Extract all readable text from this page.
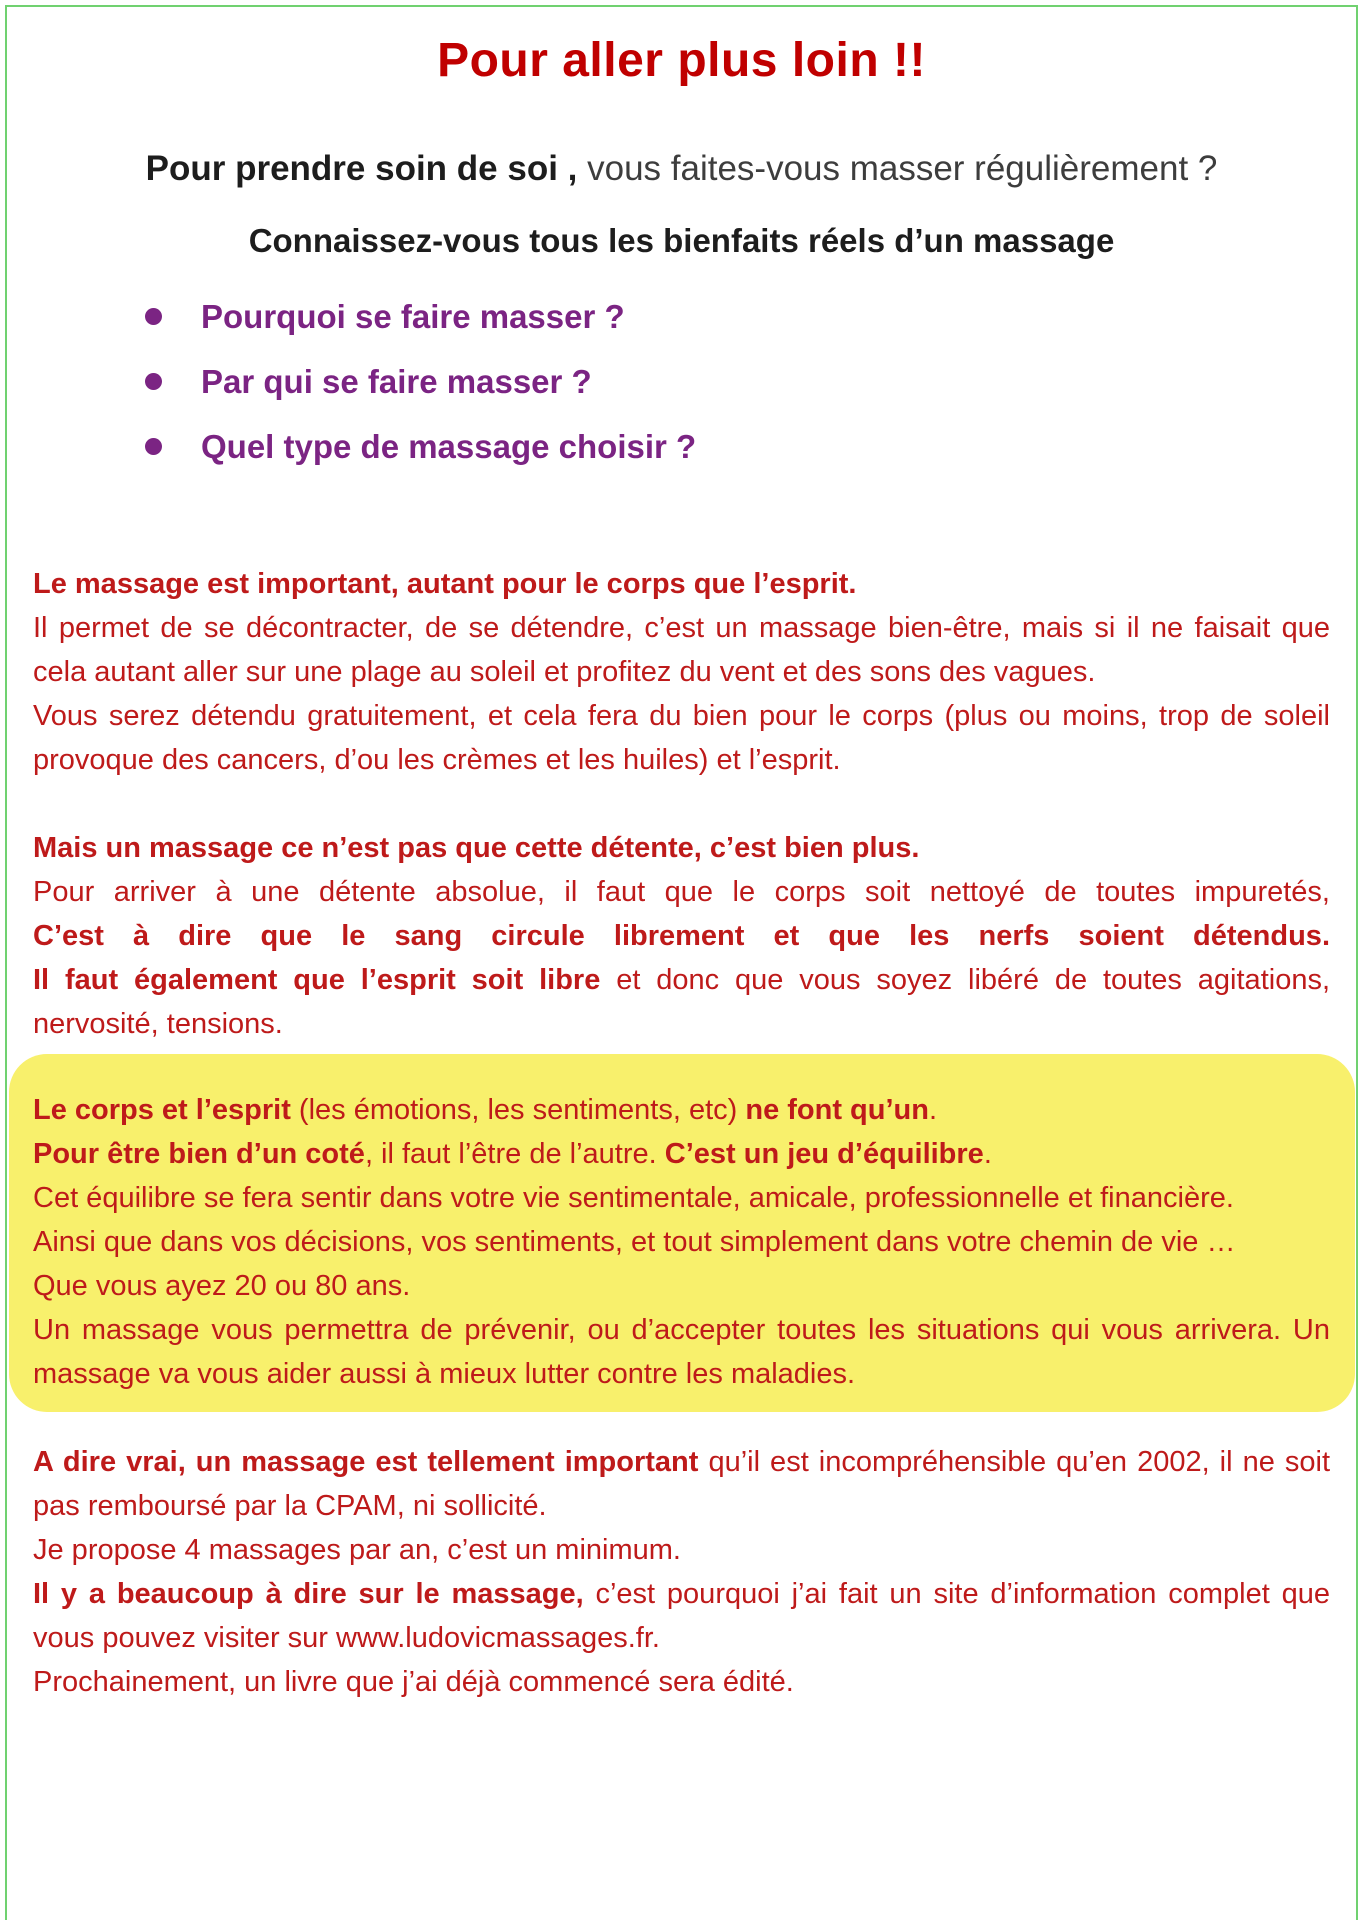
Pour aller plus loin !!

Pour prendre soin de soi , vous faites-vous masser régulièrement ?

Connaissez-vous tous les bienfaits réels d’un massage

Pourquoi se faire masser ?
Par qui se faire masser ?
Quel type de massage choisir ?

Le massage est important, autant pour le corps que l’esprit.

Il permet de se décontracter, de se détendre, c’est un massage bien-être, mais si il ne faisait que cela autant aller sur une plage au soleil et profitez du vent et des sons des vagues.

Vous serez détendu gratuitement, et cela fera du bien pour le corps (plus ou moins, trop de soleil provoque des cancers, d’ou les crèmes et les huiles) et l’esprit.

Mais un massage ce n’est pas que cette détente, c’est bien plus.

Pour arriver à une détente absolue, il faut que le corps soit nettoyé de toutes impuretés, C’est à dire que le sang circule librement et que les nerfs soient détendus. Il faut également que l’esprit soit libre et donc que vous soyez libéré de toutes agitations, nervosité, tensions.

Le corps et l’esprit (les émotions, les sentiments, etc) ne font qu’un.

Pour être bien d’un coté, il faut l’être de l’autre. C’est un jeu d’équilibre.

Cet équilibre se fera sentir dans votre vie sentimentale, amicale, professionnelle et financière.

Ainsi que dans vos décisions, vos sentiments, et tout simplement dans votre chemin de vie …

Que vous ayez 20 ou 80 ans.

Un massage vous permettra de prévenir, ou d’accepter toutes les situations qui vous arrivera. Un massage va vous aider aussi à mieux lutter contre les maladies.

A dire vrai, un massage est tellement important qu’il est incompréhensible qu’en 2002, il ne soit pas remboursé par la CPAM, ni sollicité.

Je propose 4 massages par an, c’est un minimum.

Il y a beaucoup à dire sur le massage, c’est pourquoi j’ai fait un site d’information complet que vous pouvez visiter sur www.ludovicmassages.fr.

Prochainement, un livre que j’ai déjà commencé sera édité.
